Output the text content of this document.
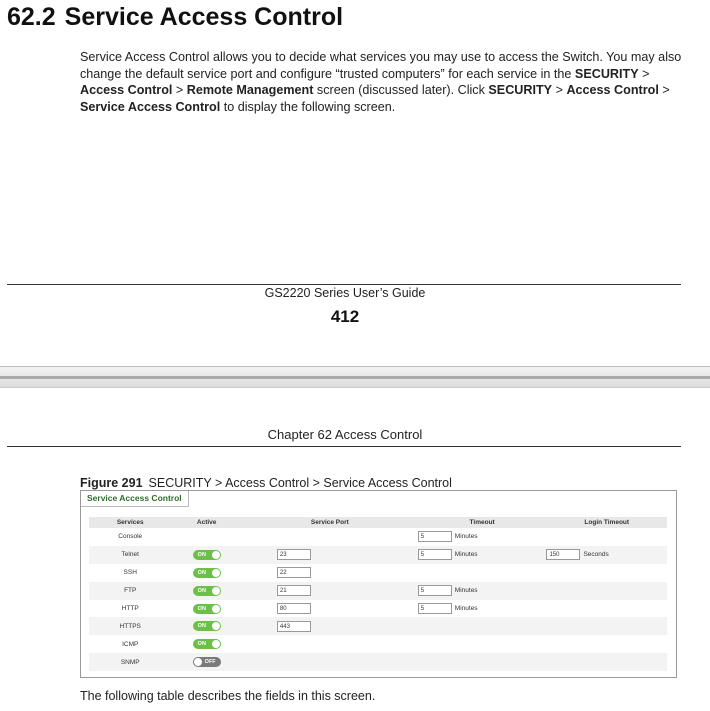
62.2 Service Access Control
Service Access Control allows you to decide what services you may use to access the Switch. You may also change the default service port and configure “trusted computers” for each service in the SECURITY > Access Control > Remote Management screen (discussed later). Click SECURITY > Access Control > Service Access Control to display the following screen.
GS2220 Series User’s Guide
412
Chapter 62 Access Control
Figure 291 SECURITY > Access Control > Service Access Control
Service Access Control
Services	Active	Service Port	Timeout	Login Timeout
Console			5 Minutes	
Telnet	ON	23	5 Minutes	150 Seconds
SSH	ON	22		
FTP	ON	21	5 Minutes	
HTTP	ON	80	5 Minutes	
HTTPS	ON	443		
ICMP	ON			

SNMP	OFF			

The following table describes the fields in this screen.
